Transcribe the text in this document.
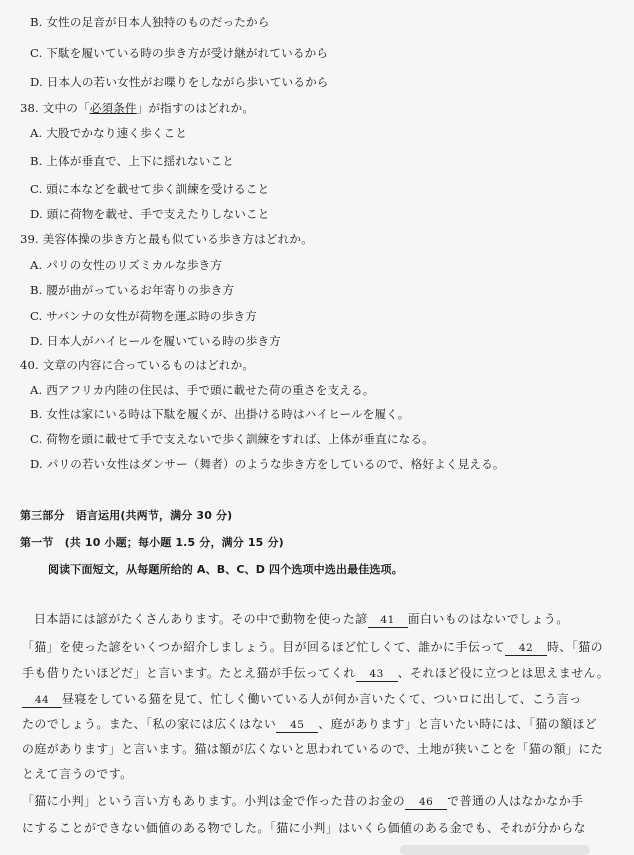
B. 女性の足音が日本人独特のものだったから
C. 下駄を履いている時の歩き方が受け継がれているから
D. 日本人の若い女性がお喋りをしながら歩いているから
38. 文中の「必須条件」が指すのはどれか。
A. 大股でかなり速く歩くこと
B. 上体が垂直で、上下に揺れないこと
C. 頭に本などを載せて歩く訓練を受けること
D. 頭に荷物を載せ、手で支えたりしないこと
39. 美容体操の歩き方と最も似ている歩き方はどれか。
A. パリの女性のリズミカルな歩き方
B. 腰が曲がっているお年寄りの歩き方
C. サバンナの女性が荷物を運ぶ時の歩き方
D. 日本人がハイヒールを履いている時の歩き方
40. 文章の内容に合っているものはどれか。
A. 西アフリカ内陸の住民は、手で頭に載せた荷の重さを支える。
B. 女性は家にいる時は下駄を履くが、出掛ける時はハイヒールを履く。
C. 荷物を頭に載せて手で支えないで歩く訓練をすれば、上体が垂直になる。
D. パリの若い女性はダンサー（舞者）のような歩き方をしているので、格好よく見える。
第三部分　语言运用(共两节，满分 30 分)
第一节　(共 10 小题；每小题 1.5 分，满分 15 分)
阅读下面短文，从每题所给的 A、B、C、D 四个选项中选出最佳选项。
日本語には諺がたくさんあります。その中で動物を使った諺 41 面白いものはないでしょう。
「猫」を使った諺をいくつか紹介しましょう。目が回るほど忙しくて、誰かに手伝って 42 時、「猫の
手も借りたいほどだ」と言います。たとえ猫が手伝ってくれ 43 、それほど役に立つとは思えません。
44 昼寝をしている猫を見て、忙しく働いている人が何か言いたくて、ついロに出して、こう言っ
たのでしょう。また、「私の家には広くはない 45 、庭があります」と言いたい時には、「猫の額ほど
の庭があります」と言います。猫は額が広くないと思われているので、土地が狭いことを「猫の額」にた
とえて言うのです。
「猫に小判」という言い方もあります。小判は金で作った昔のお金の 46 で普通の人はなかなか手
にすることができない価値のある物でした。「猫に小判」はいくら価値のある金でも、それが分からな
